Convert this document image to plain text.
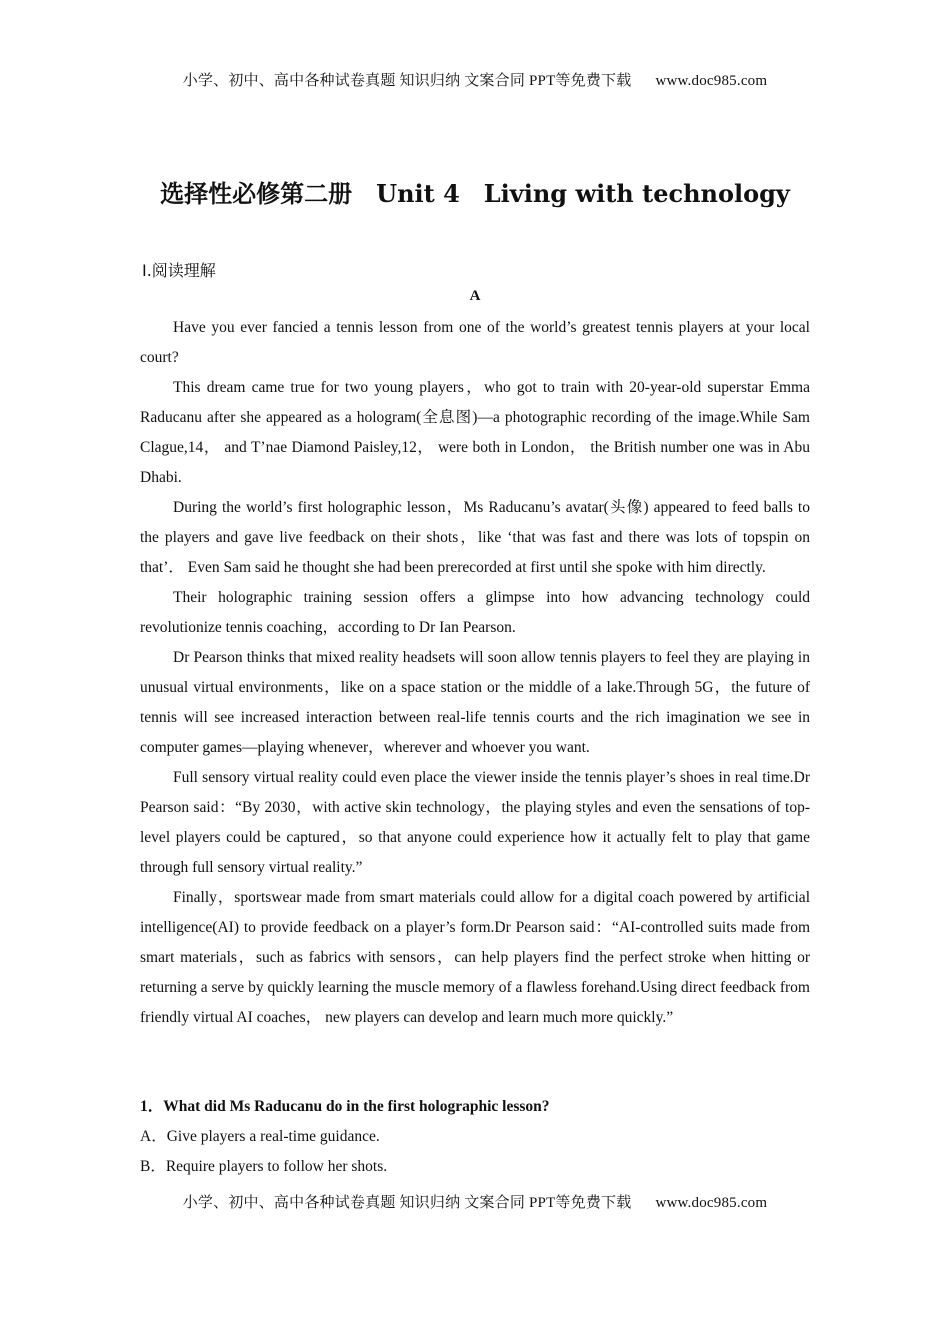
小学、初中、高中各种试卷真题 知识归纳 文案合同 PPT等免费下载 www.doc985.com
选择性必修第二册 Unit 4 Living with technology
Ⅰ.阅读理解
A

Have you ever fancied a tennis lesson from one of the world’s greatest tennis players at your local court?

This dream came true for two young players，who got to train with 20-year-old superstar Emma Raducanu after she appeared as a hologram(全息图)—a photographic recording of the image.While Sam Clague,14， and T’nae Diamond Paisley,12， were both in London， the British number one was in Abu Dhabi.

During the world’s first holographic lesson，Ms Raducanu’s avatar(头像) appeared to feed balls to the players and gave live feedback on their shots，like ‘that was fast and there was lots of topspin on that’． Even Sam said he thought she had been prerecorded at first until she spoke with him directly.

Their holographic training session offers a glimpse into how advancing technology could revolutionize tennis coaching，according to Dr Ian Pearson.

Dr Pearson thinks that mixed reality headsets will soon allow tennis players to feel they are playing in unusual virtual environments，like on a space station or the middle of a lake.Through 5G，the future of tennis will see increased interaction between real-life tennis courts and the rich imagination we see in computer games—playing whenever，wherever and whoever you want.

Full sensory virtual reality could even place the viewer inside the tennis player’s shoes in real time.Dr Pearson said：“By 2030，with active skin technology，the playing styles and even the sensations of top-level players could be captured，so that anyone could experience how it actually felt to play that game through full sensory virtual reality.”

Finally，sportswear made from smart materials could allow for a digital coach powered by artificial intelligence(AI) to provide feedback on a player’s form.Dr Pearson said：“AI-controlled suits made from smart materials，such as fabrics with sensors，can help players find the perfect stroke when hitting or returning a serve by quickly learning the muscle memory of a flawless forehand.Using direct feedback from friendly virtual AI coaches， new players can develop and learn much more quickly.”

1．What did Ms Raducanu do in the first holographic lesson?
A．Give players a real-time guidance.
B．Require players to follow her shots.
小学、初中、高中各种试卷真题 知识归纳 文案合同 PPT等免费下载 www.doc985.com
